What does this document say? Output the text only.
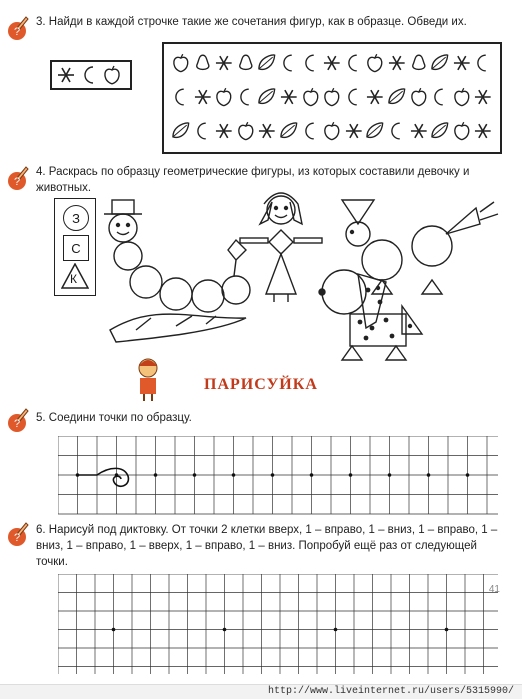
?
3. Найди в каждой строчке такие же сочетания фигур, как в образце. Обведи их.
?
4. Раскрась по образцу геометрические фигуры, из которых составили девочку и животных.
З
С
К
ПАРИСУЙКА
? 5. Соедини точки по образцу.
?
6. Нарисуй под диктовку. От точки 2 клетки вверх, 1 – вправо, 1 – вниз, 1 – вправо, 1 – вниз, 1 – вправо, 1 – вверх, 1 – вправо, 1 – вниз. Попробуй ещё раз от следующей точки.
41
http://www.liveinternet.ru/users/5315990/
